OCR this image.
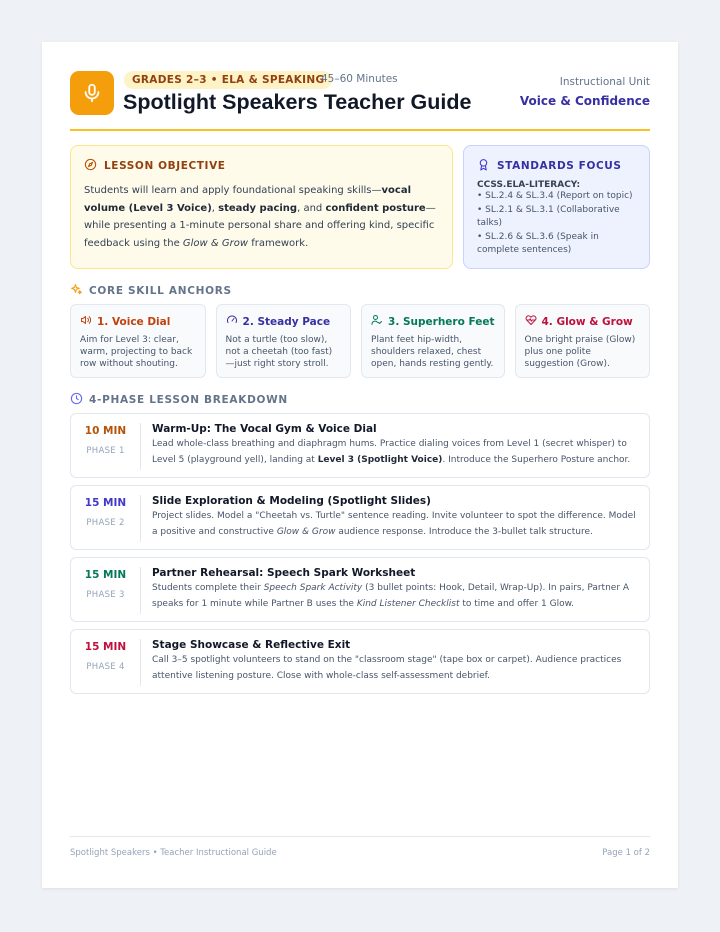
GRADES 2–3 • ELA & SPEAKING
45–60 Minutes
Spotlight Speakers Teacher Guide
Instructional Unit
Voice & Confidence
LESSON OBJECTIVE
Students will learn and apply foundational speaking skills—vocal volume (Level 3 Voice), steady pacing, and confident posture—while presenting a 1-minute personal share and offering kind, specific feedback using the Glow & Grow framework.
STANDARDS FOCUS
CCSS.ELA-LITERACY:
• SL.2.4 & SL.3.4 (Report on topic)
• SL.2.1 & SL.3.1 (Collaborative talks)
• SL.2.6 & SL.3.6 (Speak in complete sentences)
CORE SKILL ANCHORS
1. Voice Dial
Aim for Level 3: clear, warm, projecting to back row without shouting.
2. Steady Pace
Not a turtle (too slow), not a cheetah (too fast)—just right story stroll.
3. Superhero Feet
Plant feet hip-width, shoulders relaxed, chest open, hands resting gently.
4. Glow & Grow
One bright praise (Glow) plus one polite suggestion (Grow).
4-PHASE LESSON BREAKDOWN
10 MIN
PHASE 1
Warm-Up: The Vocal Gym & Voice Dial
Lead whole-class breathing and diaphragm hums. Practice dialing voices from Level 1 (secret whisper) to Level 5 (playground yell), landing at Level 3 (Spotlight Voice). Introduce the Superhero Posture anchor.
15 MIN
PHASE 2
Slide Exploration & Modeling (Spotlight Slides)
Project slides. Model a "Cheetah vs. Turtle" sentence reading. Invite volunteer to spot the difference. Model a positive and constructive Glow & Grow audience response. Introduce the 3-bullet talk structure.
15 MIN
PHASE 3
Partner Rehearsal: Speech Spark Worksheet
Students complete their Speech Spark Activity (3 bullet points: Hook, Detail, Wrap-Up). In pairs, Partner A speaks for 1 minute while Partner B uses the Kind Listener Checklist to time and offer 1 Glow.
15 MIN
PHASE 4
Stage Showcase & Reflective Exit
Call 3–5 spotlight volunteers to stand on the "classroom stage" (tape box or carpet). Audience practices attentive listening posture. Close with whole-class self-assessment debrief.
Spotlight Speakers • Teacher Instructional Guide	Page 1 of 2
